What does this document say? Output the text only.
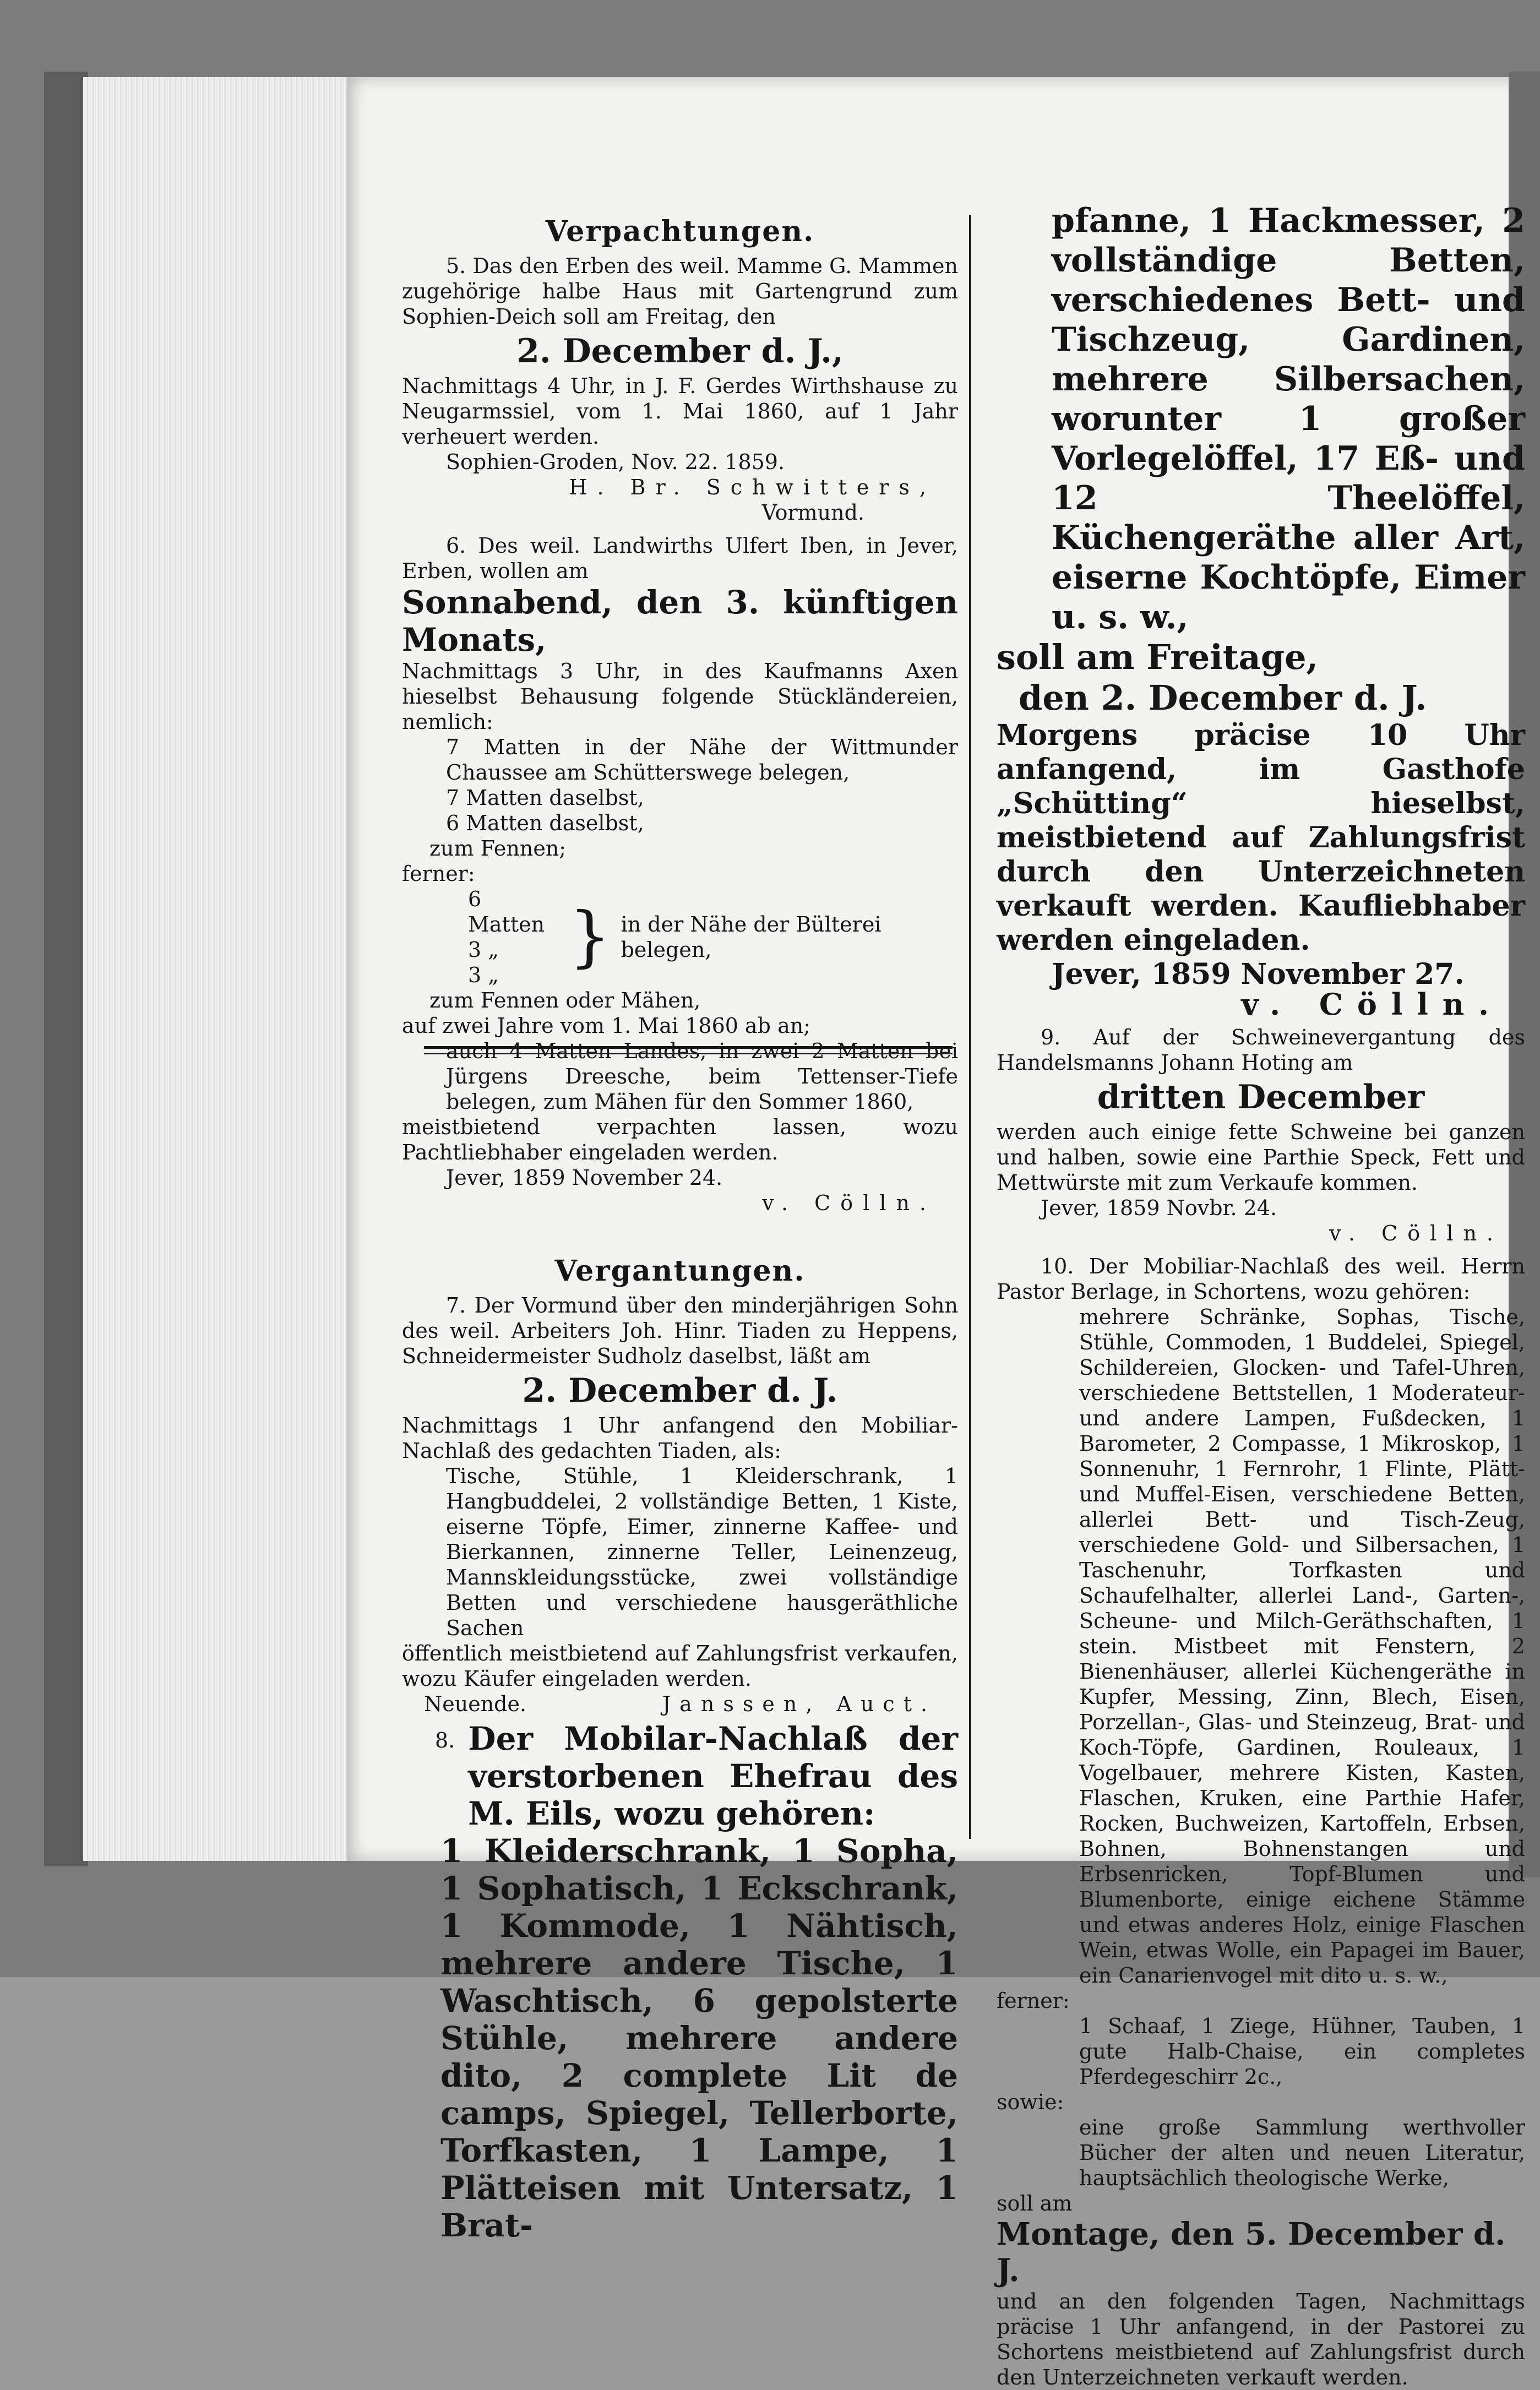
Verpachtungen.

5. Das den Erben des weil. Mamme G. Mammen zugehörige halbe Haus mit Gartengrund zum Sophien-Deich soll am Freitag, den

2. December d. J.,

Nachmittags 4 Uhr, in J. F. Gerdes Wirthshause zu Neugarmssiel, vom 1. Mai 1860, auf 1 Jahr verheuert werden.

Sophien-Groden, Nov. 22. 1859.

H. Br. Schwitters,

Vormund.

6. Des weil. Landwirths Ulfert Iben, in Jever, Erben, wollen am

Sonnabend, den 3. künftigen Monats,

Nachmittags 3 Uhr, in des Kaufmanns Axen hieselbst Behausung folgende Stückländereien, nemlich:

7 Matten in der Nähe der Wittmunder Chaussee am Schütterswege belegen,

7 Matten daselbst,

6 Matten daselbst,

zum Fennen;

ferner:

6 Matten
3 „
3 „	} in der Nähe der Bülterei belegen,

zum Fennen oder Mähen,

auf zwei Jahre vom 1. Mai 1860 ab an;

auch 4 Matten Landes, in zwei 2 Matten bei Jürgens Dreesche, beim Tettenser-Tiefe belegen, zum Mähen für den Sommer 1860,

meistbietend verpachten lassen, wozu Pachtliebhaber eingeladen werden.

Jever, 1859 November 24.

v. Cölln.

Vergantungen.

7. Der Vormund über den minderjährigen Sohn des weil. Arbeiters Joh. Hinr. Tiaden zu Heppens, Schneidermeister Sudholz daselbst, läßt am

2. December d. J.

Nachmittags 1 Uhr anfangend den Mobiliar-Nachlaß des gedachten Tiaden, als:

Tische, Stühle, 1 Kleiderschrank, 1 Hangbuddelei, 2 vollständige Betten, 1 Kiste, eiserne Töpfe, Eimer, zinnerne Kaffee- und Bierkannen, zinnerne Teller, Leinenzeug, Mannskleidungsstücke, zwei vollständige Betten und verschiedene hausgeräthliche Sachen

öffentlich meistbietend auf Zahlungsfrist verkaufen, wozu Käufer eingeladen werden.

Neuende.	Janssen, Auct.
8. Der Mobilar-Nachlaß der verstorbenen Ehefrau des M. Eils, wozu gehören:
1 Kleiderschrank, 1 Sopha, 1 Sophatisch, 1 Eckschrank, 1 Kommode, 1 Nähtisch, mehrere andere Tische, 1 Waschtisch, 6 gepolsterte Stühle, mehrere andere dito, 2 complete Lit de camps, Spiegel, Tellerborte, Torfkasten, 1 Lampe, 1 Plätteisen mit Untersatz, 1 Brat-
pfanne, 1 Hackmesser, 2 vollständige Betten, verschiedenes Bett- und Tischzeug, Gardinen, mehrere Silbersachen, worunter 1 großer Vorlegelöffel, 17 Eß- und 12 Theelöffel, Küchengeräthe aller Art, eiserne Kochtöpfe, Eimer u. s. w.,
soll am Freitage,
den 2. December d. J.
Morgens präcise 10 Uhr anfangend, im Gasthofe „Schütting“ hieselbst, meistbietend auf Zahlungsfrist durch den Unterzeichneten verkauft werden. Kaufliebhaber werden eingeladen.
Jever, 1859 November 27.
v. Cölln.

9. Auf der Schweinevergantung des Handelsmanns Johann Hoting am

dritten December

werden auch einige fette Schweine bei ganzen und halben, sowie eine Parthie Speck, Fett und Mettwürste mit zum Verkaufe kommen.

Jever, 1859 Novbr. 24.

v. Cölln.

10. Der Mobiliar-Nachlaß des weil. Herrn Pastor Berlage, in Schortens, wozu gehören:

mehrere Schränke, Sophas, Tische, Stühle, Commoden, 1 Buddelei, Spiegel, Schildereien, Glocken- und Tafel-Uhren, verschiedene Bettstellen, 1 Moderateur- und andere Lampen, Fußdecken, 1 Barometer, 2 Compasse, 1 Mikroskop, 1 Sonnenuhr, 1 Fernrohr, 1 Flinte, Plätt- und Muffel-Eisen, verschiedene Betten, allerlei Bett- und Tisch-Zeug, verschiedene Gold- und Silbersachen, 1 Taschenuhr, Torfkasten und Schaufelhalter, allerlei Land-, Garten-, Scheune- und Milch-Geräthschaften, 1 stein. Mistbeet mit Fenstern, 2 Bienenhäuser, allerlei Küchengeräthe in Kupfer, Messing, Zinn, Blech, Eisen, Porzellan-, Glas- und Steinzeug, Brat- und Koch-Töpfe, Gardinen, Rouleaux, 1 Vogelbauer, mehrere Kisten, Kasten, Flaschen, Kruken, eine Parthie Hafer, Rocken, Buchweizen, Kartoffeln, Erbsen, Bohnen, Bohnenstangen und Erbsenricken, Topf-Blumen und Blumenborte, einige eichene Stämme und etwas anderes Holz, einige Flaschen Wein, etwas Wolle, ein Papagei im Bauer, ein Canarienvogel mit dito u. s. w.,

ferner:

1 Schaaf, 1 Ziege, Hühner, Tauben, 1 gute Halb-Chaise, ein completes Pferdegeschirr 2c.,

sowie:

eine große Sammlung werthvoller Bücher der alten und neuen Literatur, hauptsächlich theologische Werke,

soll am

Montage, den 5. December d. J.

und an den folgenden Tagen, Nachmittags präcise 1 Uhr anfangend, in der Pastorei zu Schortens meistbietend auf Zahlungsfrist durch den Unterzeichneten verkauft werden.
